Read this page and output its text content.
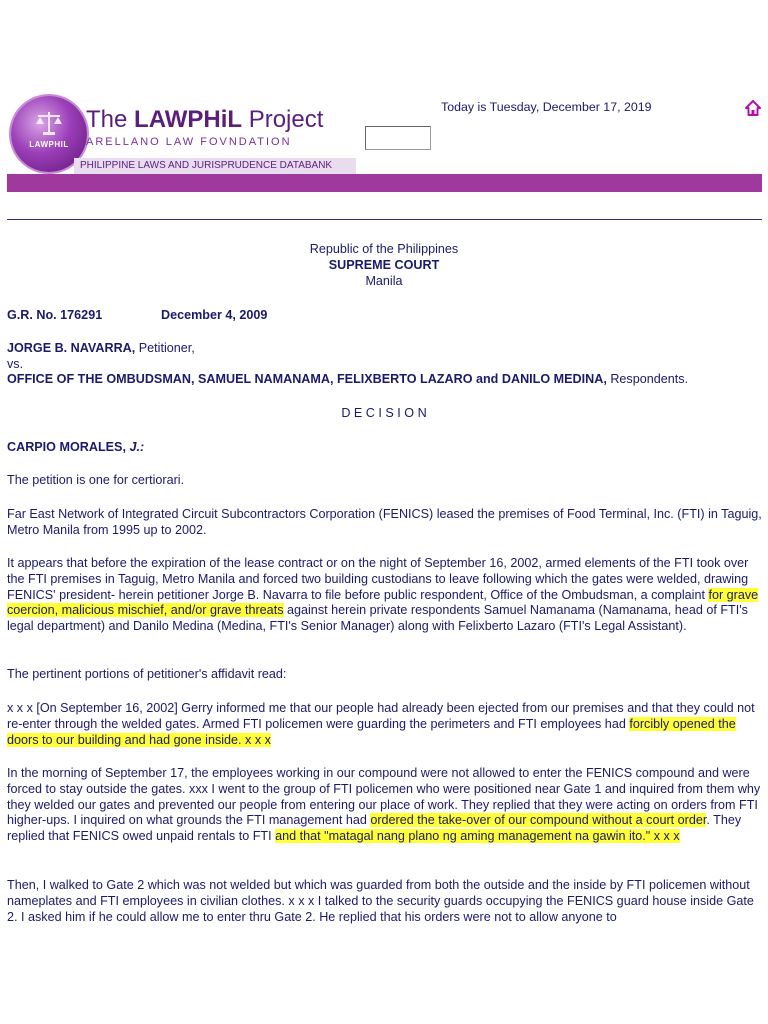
LAWPHIL
The LAWPHiL Project
ARELLANO LAW FOVNDATION
PHILIPPINE LAWS AND JURISPRUDENCE DATABANK
Today is Tuesday, December 17, 2019
Republic of the Philippines
SUPREME COURT
Manila
G.R. No. 176291	December 4, 2009
JORGE B. NAVARRA, Petitioner,
vs.
OFFICE OF THE OMBUDSMAN, SAMUEL NAMANAMA, FELIXBERTO LAZARO and DANILO MEDINA, Respondents.
D E C I S I O N
CARPIO MORALES, J.:
The petition is one for certiorari.
Far East Network of Integrated Circuit Subcontractors Corporation (FENICS) leased the premises of Food Terminal, Inc. (FTI) in Taguig, Metro Manila from 1995 up to 2002.
It appears that before the expiration of the lease contract or on the night of September 16, 2002, armed elements of the FTI took over the FTI premises in Taguig, Metro Manila and forced two building custodians to leave following which the gates were welded, drawing FENICS' president- herein petitioner Jorge B. Navarra to file before public respondent, Office of the Ombudsman, a complaint for grave coercion, malicious mischief, and/or grave threats against herein private respondents Samuel Namanama (Namanama, head of FTI's legal department) and Danilo Medina (Medina, FTI's Senior Manager) along with Felixberto Lazaro (FTI's Legal Assistant).
The pertinent portions of petitioner's affidavit read:
x x x [On September 16, 2002] Gerry informed me that our people had already been ejected from our premises and that they could not re-enter through the welded gates. Armed FTI policemen were guarding the perimeters and FTI employees had forcibly opened the doors to our building and had gone inside. x x x
In the morning of September 17, the employees working in our compound were not allowed to enter the FENICS compound and were forced to stay outside the gates. xxx I went to the group of FTI policemen who were positioned near Gate 1 and inquired from them why they welded our gates and prevented our people from entering our place of work. They replied that they were acting on orders from FTI higher-ups. I inquired on what grounds the FTI management had ordered the take-over of our compound without a court order. They replied that FENICS owed unpaid rentals to FTI and that "matagal nang plano ng aming management na gawin ito." x x x
Then, I walked to Gate 2 which was not welded but which was guarded from both the outside and the inside by FTI policemen without nameplates and FTI employees in civilian clothes. x x x I talked to the security guards occupying the FENICS guard house inside Gate 2. I asked him if he could allow me to enter thru Gate 2. He replied that his orders were not to allow anyone to
